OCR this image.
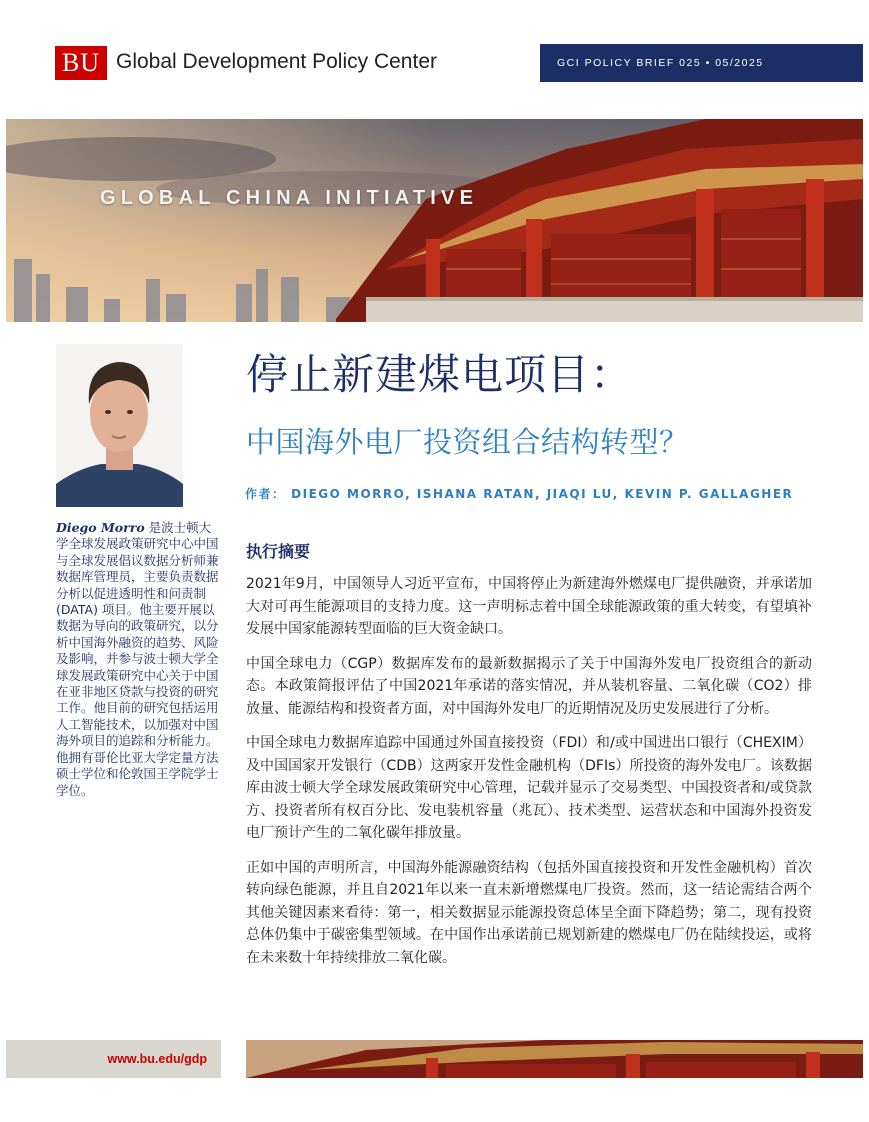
BU Global Development Policy Center	GCI POLICY BRIEF 025 • 05/2025
GLOBAL CHINA INITIATIVE
停止新建煤电项目：
中国海外电厂投资组合结构转型？
作者： DIEGO MORRO, ISHANA RATAN, JIAQI LU, KEVIN P. GALLAGHER
Diego Morro 是波士顿大学全球发展政策研究中心中国与全球发展倡议数据分析师兼数据库管理员，主要负责数据分析以促进透明性和问责制 (DATA) 项目。他主要开展以数据为导向的政策研究，以分析中国海外融资的趋势、风险及影响，并参与波士顿大学全球发展政策研究中心关于中国在亚非地区贷款与投资的研究工作。他目前的研究包括运用人工智能技术，以加强对中国海外项目的追踪和分析能力。他拥有哥伦比亚大学定量方法硕士学位和伦敦国王学院学士学位。
执行摘要

2021年9月，中国领导人习近平宣布，中国将停止为新建海外燃煤电厂提供融资，并承诺加大对可再生能源项目的支持力度。这一声明标志着中国全球能源政策的重大转变，有望填补发展中国家能源转型面临的巨大资金缺口。

中国全球电力（CGP）数据库发布的最新数据揭示了关于中国海外发电厂投资组合的新动态。本政策简报评估了中国2021年承诺的落实情况，并从装机容量、二氧化碳（CO2）排放量、能源结构和投资者方面，对中国海外发电厂的近期情况及历史发展进行了分析。

中国全球电力数据库追踪中国通过外国直接投资（FDI）和/或中国进出口银行（CHEXIM）及中国国家开发银行（CDB）这两家开发性金融机构（DFIs）所投资的海外发电厂。该数据库由波士顿大学全球发展政策研究中心管理，记载并显示了交易类型、中国投资者和/或贷款方、投资者所有权百分比、发电装机容量（兆瓦）、技术类型、运营状态和中国海外投资发电厂预计产生的二氧化碳年排放量。

正如中国的声明所言，中国海外能源融资结构（包括外国直接投资和开发性金融机构）首次转向绿色能源，并且自2021年以来一直未新增燃煤电厂投资。然而，这一结论需结合两个其他关键因素来看待：第一，相关数据显示能源投资总体呈全面下降趋势；第二，现有投资总体仍集中于碳密集型领域。在中国作出承诺前已规划新建的燃煤电厂仍在陆续投运，或将在未来数十年持续排放二氧化碳。

www.bu.edu/gdp
